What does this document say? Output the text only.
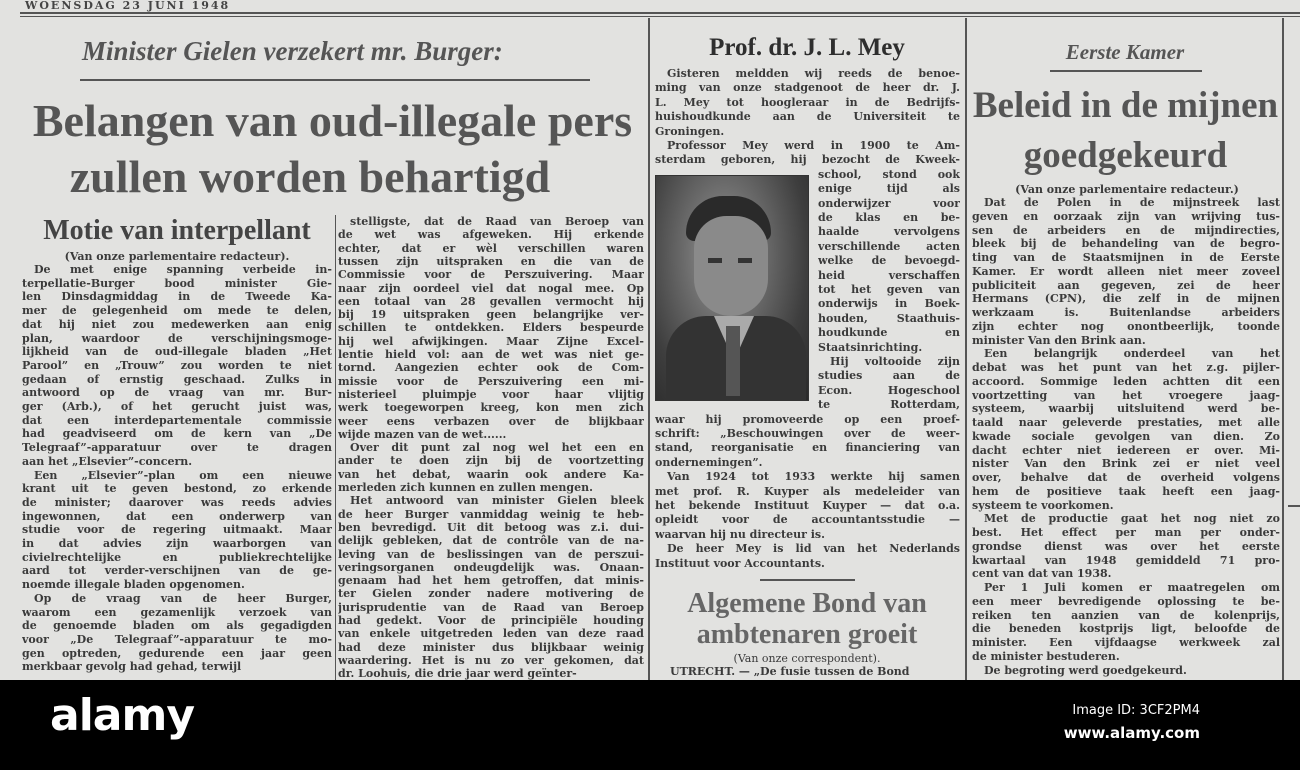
WOENSDAG 23 JUNI 1948
Minister Gielen verzekert mr. Burger:
Belangen van oud-illegale pers
zullen worden behartigd
Motie van interpellant
(Van onze parlementaire redacteur).
Prof. dr. J. L. Mey
Algemene Bond van
ambtenaren groeit
(Van onze correspondent).
UTRECHT. — „De fusie tussen de Bond
Eerste Kamer
Beleid in de mijnen
goedgekeurd
(Van onze parlementaire redacteur.)
De met enige spanning verbeide in-
terpellatie-Burger bood minister Gie-
len Dinsdagmiddag in de Tweede Ka-
mer de gelegenheid om mede te delen,
dat hij niet zou medewerken aan enig
plan, waardoor de verschijningsmoge-
lijkheid van de oud-illegale bladen „Het
Parool” en „Trouw” zou worden te niet
gedaan of ernstig geschaad. Zulks in
antwoord op de vraag van mr. Bur-
ger (Arb.), of het gerucht juist was,
dat een interdepartementale commissie
had geadviseerd om de kern van „De
Telegraaf”-apparatuur over te dragen
aan het „Elsevier”-concern.
Een „Elsevier”-plan om een nieuwe
krant uit te geven bestond, zo erkende
de minister; daarover was reeds advies
ingewonnen, dat een onderwerp van
studie voor de regering uitmaakt. Maar
in dat advies zijn waarborgen van
civielrechtelijke en publiekrechtelijke
aard tot verder-verschijnen van de ge-
noemde illegale bladen opgenomen.
Op de vraag van de heer Burger,
waarom een gezamenlijk verzoek van
de genoemde bladen om als gegadigden
voor „De Telegraaf”-apparatuur te mo-
gen optreden, gedurende een jaar geen
merkbaar gevolg had gehad, terwijl
stelligste, dat de Raad van Beroep van
de wet was afgeweken. Hij erkende
echter, dat er wèl verschillen waren
tussen zijn uitspraken en die van de
Commissie voor de Perszuivering. Maar
naar zijn oordeel viel dat nogal mee. Op
een totaal van 28 gevallen vermocht hij
bij 19 uitspraken geen belangrijke ver-
schillen te ontdekken. Elders bespeurde
hij wel afwijkingen. Maar Zijne Excel-
lentie hield vol: aan de wet was niet ge-
tornd. Aangezien echter ook de Com-
missie voor de Perszuivering een mi-
nisterieel pluimpje voor haar vlijtig
werk toegeworpen kreeg, kon men zich
weer eens verbazen over de blijkbaar
wijde mazen van de wet......
Over dit punt zal nog wel het een en
ander te doen zijn bij de voortzetting
van het debat, waarin ook andere Ka-
merleden zich kunnen en zullen mengen.
Het antwoord van minister Gielen bleek
de heer Burger vanmiddag weinig te heb-
ben bevredigd. Uit dit betoog was z.i. dui-
delijk gebleken, dat de contrôle van de na-
leving van de beslissingen van de perszui-
veringsorganen ondeugdelijk was. Onaan-
genaam had het hem getroffen, dat minis-
ter Gielen zonder nadere motivering de
jurisprudentie van de Raad van Beroep
had gedekt. Voor de principiële houding
van enkele uitgetreden leden van deze raad
had deze minister dus blijkbaar weinig
waardering. Het is nu zo ver gekomen, dat
dr. Loohuis, die drie jaar werd geïnter-
Gisteren meldden wij reeds de benoe-
ming van onze stadgenoot de heer dr. J.
L. Mey tot hoogleraar in de Bedrijfs-
huishoudkunde aan de Universiteit te
Groningen.
Professor Mey werd in 1900 te Am-
sterdam geboren, hij bezocht de Kweek-
school, stond ook
enige tijd als
onderwijzer voor
de klas en be-
haalde vervolgens
verschillende acten
welke de bevoegd-
heid verschaffen
tot het geven van
onderwijs in Boek-
houden, Staathuis-
houdkunde en
Staatsinrichting.
Hij voltooide zijn
studies aan de
Econ. Hogeschool
te Rotterdam,
waar hij promoveerde op een proef-
schrift: „Beschouwingen over de weer-
stand, reorganisatie en financiering van
ondernemingen”.
Van 1924 tot 1933 werkte hij samen
met prof. R. Kuyper als medeleider van
het bekende Instituut Kuyper — dat o.a.
opleidt voor de accountantsstudie —
waarvan hij nu directeur is.
De heer Mey is lid van het Nederlands
Instituut voor Accountants.
Dat de Polen in de mijnstreek last
geven en oorzaak zijn van wrijving tus-
sen de arbeiders en de mijndirecties,
bleek bij de behandeling van de begro-
ting van de Staatsmijnen in de Eerste
Kamer. Er wordt alleen niet meer zoveel
publiciteit aan gegeven, zei de heer
Hermans (CPN), die zelf in de mijnen
werkzaam is. Buitenlandse arbeiders
zijn echter nog onontbeerlijk, toonde
minister Van den Brink aan.
Een belangrijk onderdeel van het
debat was het punt van het z.g. pijler-
accoord. Sommige leden achtten dit een
voortzetting van het vroegere jaag-
systeem, waarbij uitsluitend werd be-
taald naar geleverde prestaties, met alle
kwade sociale gevolgen van dien. Zo
dacht echter niet iedereen er over. Mi-
nister Van den Brink zei er niet veel
over, behalve dat de overheid volgens
hem de positieve taak heeft een jaag-
systeem te voorkomen.
Met de productie gaat het nog niet zo
best. Het effect per man per onder-
grondse dienst was over het eerste
kwartaal van 1948 gemiddeld 71 pro-
cent van dat van 1938.
Per 1 Juli komen er maatregelen om
een meer bevredigende oplossing te be-
reiken ten aanzien van de kolenprijs,
die beneden kostprijs ligt, beloofde de
minister. Een vijfdaagse werkweek zal
de minister bestuderen.
De begroting werd goedgekeurd.
alamy	Image ID: 3CF2PM4
www.alamy.com
